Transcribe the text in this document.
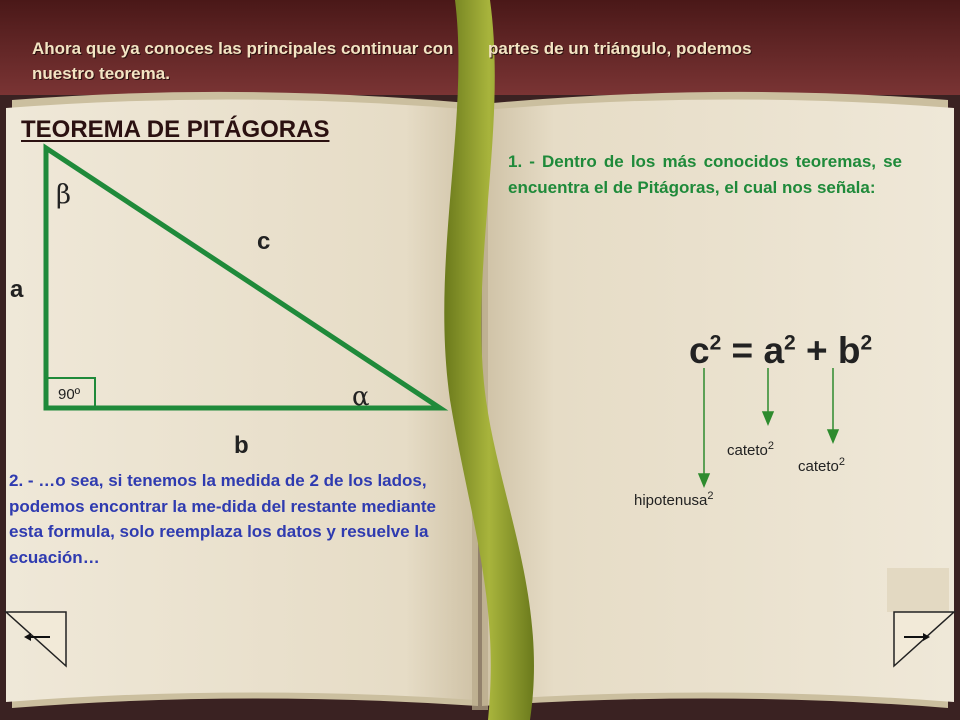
Ahora que ya conoces las principales continuar con nuestro teorema.
partes de un triángulo, podemos
TEOREMA DE PITÁGORAS
β
c
a
90º	α
b
1. - Dentro de los más conocidos teoremas, se encuentra el de Pitágoras, el cual nos señala:
2. - …o sea, si tenemos la medida de 2 de los lados, podemos encontrar la me-dida del restante mediante esta formula, solo reemplaza los datos y resuelve la ecuación…
$c^2 = a^2 + b^2$
cateto$^2$
cateto$^2$
hipotenusa$^2$
